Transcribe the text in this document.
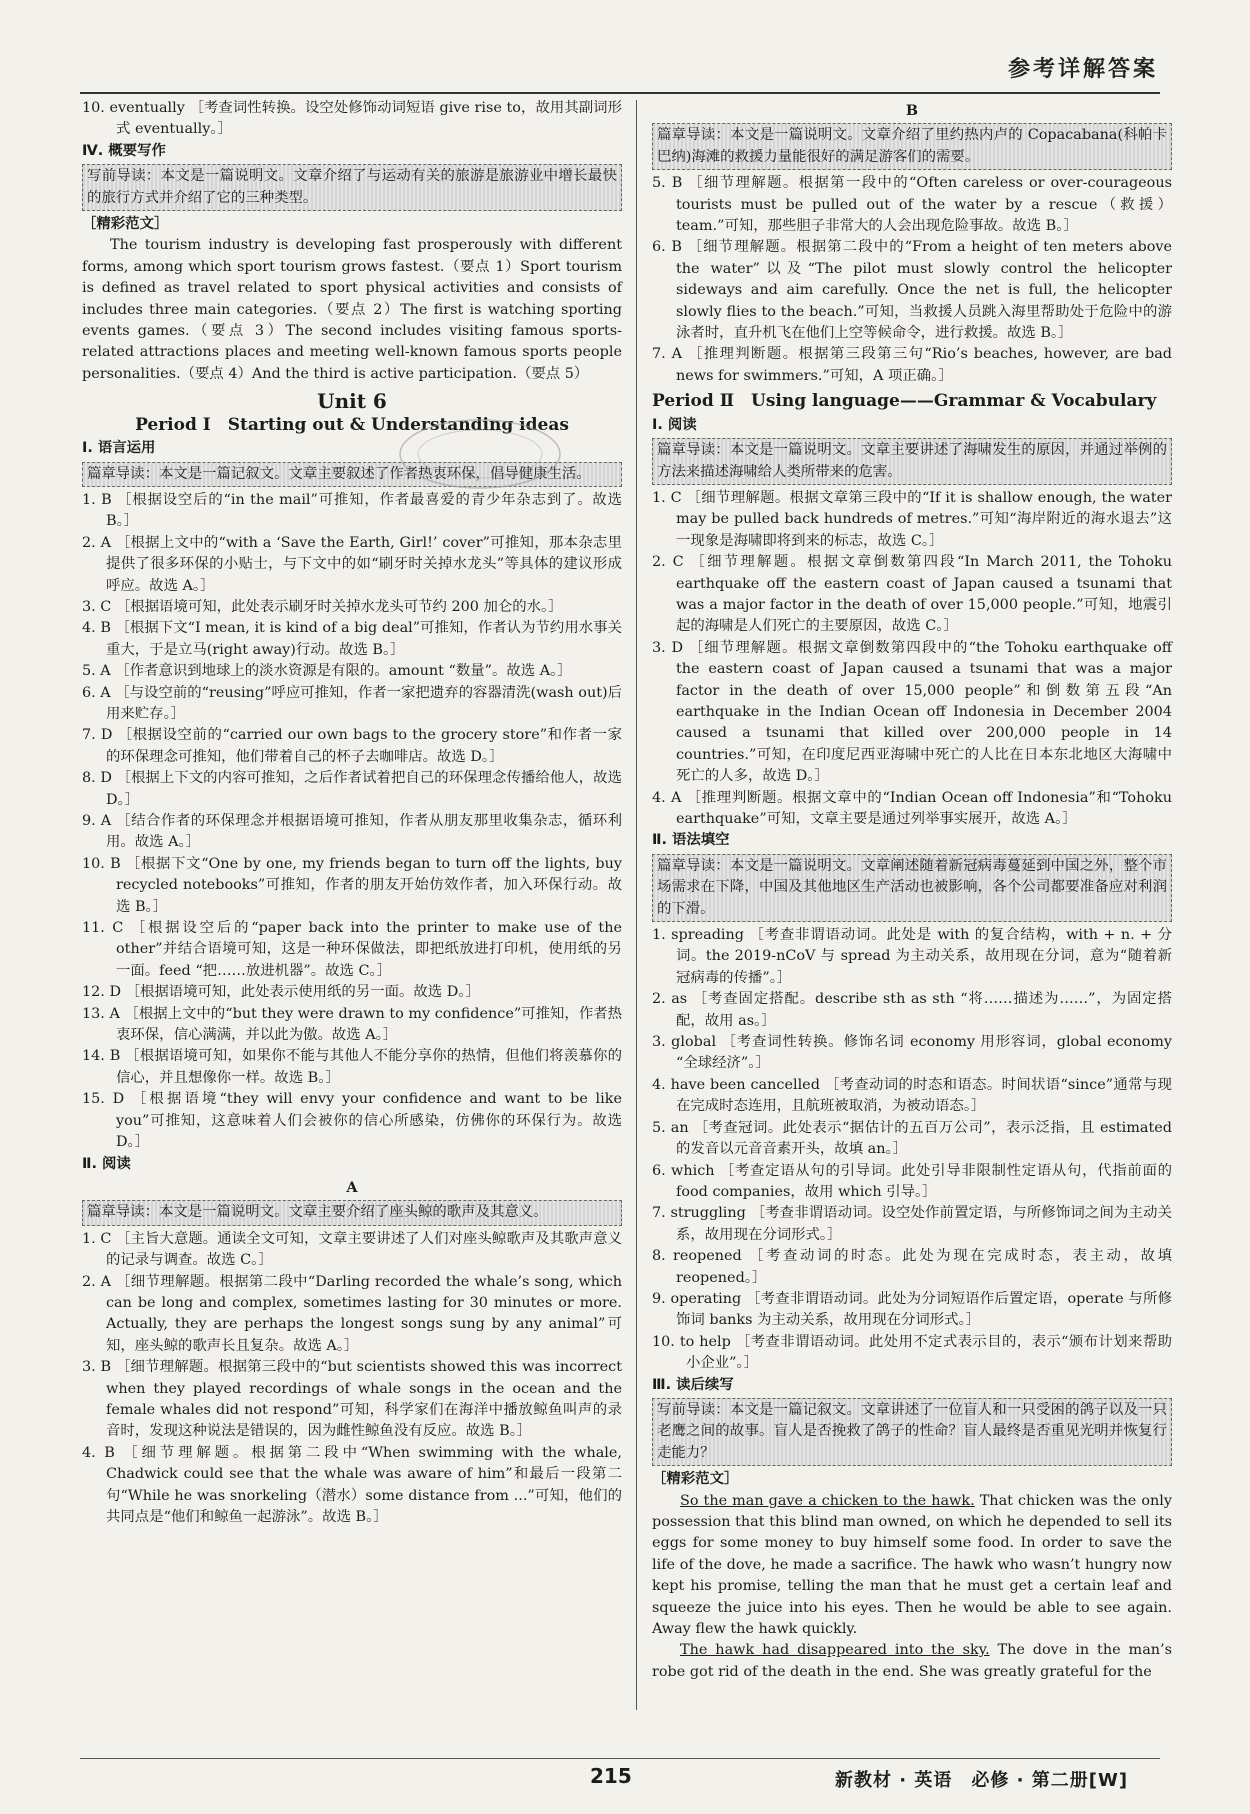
参考详解答案

10. eventually ［考查词性转换。设空处修饰动词短语 give rise to，故用其副词形式 eventually。］

Ⅳ. 概要写作

写前导读：本文是一篇说明文。文章介绍了与运动有关的旅游是旅游业中增长最快的旅行方式并介绍了它的三种类型。

［精彩范文］

The tourism industry is developing fast prosperously with different forms, among which sport tourism grows fastest.（要点 1）Sport tourism is defined as travel related to sport physical activities and consists of includes three main categories.（要点 2）The first is watching sporting events games.（要点 3）The second includes visiting famous sports-related attractions places and meeting well-known famous sports people personalities.（要点 4）And the third is active participation.（要点 5）

Unit 6

Period Ⅰ　Starting out & Understanding ideas

Ⅰ. 语言运用

篇章导读：本文是一篇记叙文。文章主要叙述了作者热衷环保，倡导健康生活。

1. B ［根据设空后的“in the mail”可推知，作者最喜爱的青少年杂志到了。故选 B。］

2. A ［根据上文中的“with a ‘Save the Earth, Girl!’ cover”可推知，那本杂志里提供了很多环保的小贴士，与下文中的如“刷牙时关掉水龙头”等具体的建议形成呼应。故选 A。］

3. C ［根据语境可知，此处表示刷牙时关掉水龙头可节约 200 加仑的水。］

4. B ［根据下文“I mean, it is kind of a big deal”可推知，作者认为节约用水事关重大，于是立马(right away)行动。故选 B。］

5. A ［作者意识到地球上的淡水资源是有限的。amount “数量”。故选 A。］

6. A ［与设空前的“reusing”呼应可推知，作者一家把遗弃的容器清洗(wash out)后用来贮存。］

7. D ［根据设空前的“carried our own bags to the grocery store”和作者一家的环保理念可推知，他们带着自己的杯子去咖啡店。故选 D。］

8. D ［根据上下文的内容可推知，之后作者试着把自己的环保理念传播给他人，故选 D。］

9. A ［结合作者的环保理念并根据语境可推知，作者从朋友那里收集杂志，循环利用。故选 A。］

10. B ［根据下文“One by one, my friends began to turn off the lights, buy recycled notebooks”可推知，作者的朋友开始仿效作者，加入环保行动。故选 B。］

11. C ［根据设空后的“paper back into the printer to make use of the other”并结合语境可知，这是一种环保做法，即把纸放进打印机，使用纸的另一面。feed “把……放进机器”。故选 C。］

12. D ［根据语境可知，此处表示使用纸的另一面。故选 D。］

13. A ［根据上文中的“but they were drawn to my confidence”可推知，作者热衷环保，信心满满，并以此为傲。故选 A。］

14. B ［根据语境可知，如果你不能与其他人不能分享你的热情，但他们将羡慕你的信心，并且想像你一样。故选 B。］

15. D ［根据语境“they will envy your confidence and want to be like you”可推知，这意味着人们会被你的信心所感染，仿佛你的环保行为。故选 D。］

Ⅱ. 阅读

A

篇章导读：本文是一篇说明文。文章主要介绍了座头鲸的歌声及其意义。

1. C ［主旨大意题。通读全文可知，文章主要讲述了人们对座头鲸歌声及其歌声意义的记录与调查。故选 C。］

2. A ［细节理解题。根据第二段中“Darling recorded the whale’s song, which can be long and complex, sometimes lasting for 30 minutes or more. Actually, they are perhaps the longest songs sung by any animal”可知，座头鲸的歌声长且复杂。故选 A。］

3. B ［细节理解题。根据第三段中的“but scientists showed this was incorrect when they played recordings of whale songs in the ocean and the female whales did not respond”可知，科学家们在海洋中播放鲸鱼叫声的录音时，发现这种说法是错误的，因为雌性鲸鱼没有反应。故选 B。］

4. B ［细节理解题。根据第二段中“When swimming with the whale, Chadwick could see that the whale was aware of him”和最后一段第二句“While he was snorkeling（潜水）some distance from ...”可知，他们的共同点是“他们和鲸鱼一起游泳”。故选 B。］

B

篇章导读：本文是一篇说明文。文章介绍了里约热内卢的 Copacabana(科帕卡巴纳)海滩的救援力量能很好的满足游客们的需要。

5. B ［细节理解题。根据第一段中的“Often careless or over-courageous tourists must be pulled out of the water by a rescue（救援）team.”可知，那些胆子非常大的人会出现危险事故。故选 B。］

6. B ［细节理解题。根据第二段中的“From a height of ten meters above the water”以及“The pilot must slowly control the helicopter sideways and aim carefully. Once the net is full, the helicopter slowly flies to the beach.”可知，当救援人员跳入海里帮助处于危险中的游泳者时，直升机飞在他们上空等候命令，进行救援。故选 B。］

7. A ［推理判断题。根据第三段第三句“Rio’s beaches, however, are bad news for swimmers.”可知，A 项正确。］

Period Ⅱ　Using language——Grammar & Vocabulary

Ⅰ. 阅读

篇章导读：本文是一篇说明文。文章主要讲述了海啸发生的原因，并通过举例的方法来描述海啸给人类所带来的危害。

1. C ［细节理解题。根据文章第三段中的“If it is shallow enough, the water may be pulled back hundreds of metres.”可知“海岸附近的海水退去”这一现象是海啸即将到来的标志，故选 C。］

2. C ［细节理解题。根据文章倒数第四段“In March 2011, the Tohoku earthquake off the eastern coast of Japan caused a tsunami that was a major factor in the death of over 15,000 people.”可知，地震引起的海啸是人们死亡的主要原因，故选 C。］

3. D ［细节理解题。根据文章倒数第四段中的“the Tohoku earthquake off the eastern coast of Japan caused a tsunami that was a major factor in the death of over 15,000 people”和倒数第五段“An earthquake in the Indian Ocean off Indonesia in December 2004 caused a tsunami that killed over 200,000 people in 14 countries.”可知，在印度尼西亚海啸中死亡的人比在日本东北地区大海啸中死亡的人多，故选 D。］

4. A ［推理判断题。根据文章中的“Indian Ocean off Indonesia”和“Tohoku earthquake”可知，文章主要是通过列举事实展开，故选 A。］

Ⅱ. 语法填空

篇章导读：本文是一篇说明文。文章阐述随着新冠病毒蔓延到中国之外，整个市场需求在下降，中国及其他地区生产活动也被影响，各个公司都要准备应对利润的下滑。

1. spreading ［考查非谓语动词。此处是 with 的复合结构，with + n. + 分词。the 2019-nCoV 与 spread 为主动关系，故用现在分词，意为“随着新冠病毒的传播”。］

2. as ［考查固定搭配。describe sth as sth “将……描述为……”，为固定搭配，故用 as。］

3. global ［考查词性转换。修饰名词 economy 用形容词，global economy “全球经济”。］

4. have been cancelled ［考查动词的时态和语态。时间状语“since”通常与现在完成时态连用，且航班被取消，为被动语态。］

5. an ［考查冠词。此处表示“据估计的五百万公司”，表示泛指，且 estimated 的发音以元音音素开头，故填 an。］

6. which ［考查定语从句的引导词。此处引导非限制性定语从句，代指前面的 food companies，故用 which 引导。］

7. struggling ［考查非谓语动词。设空处作前置定语，与所修饰词之间为主动关系，故用现在分词形式。］

8. reopened ［考查动词的时态。此处为现在完成时态，表主动，故填 reopened。］

9. operating ［考查非谓语动词。此处为分词短语作后置定语，operate 与所修饰词 banks 为主动关系，故用现在分词形式。］

10. to help ［考查非谓语动词。此处用不定式表示目的，表示“颁布计划来帮助小企业”。］

Ⅲ. 读后续写

写前导读：本文是一篇记叙文。文章讲述了一位盲人和一只受困的鸽子以及一只老鹰之间的故事。盲人是否挽救了鸽子的性命？盲人最终是否重见光明并恢复行走能力？

［精彩范文］

So the man gave a chicken to the hawk. That chicken was the only possession that this blind man owned, on which he depended to sell its eggs for some money to buy himself some food. In order to save the life of the dove, he made a sacrifice. The hawk who wasn’t hungry now kept his promise, telling the man that he must get a certain leaf and squeeze the juice into his eyes. Then he would be able to see again. Away flew the hawk quickly.

The hawk had disappeared into the sky. The dove in the man’s robe got rid of the death in the end. She was greatly grateful for the

215	新教材 · 英语　必修 · 第二册[W]
